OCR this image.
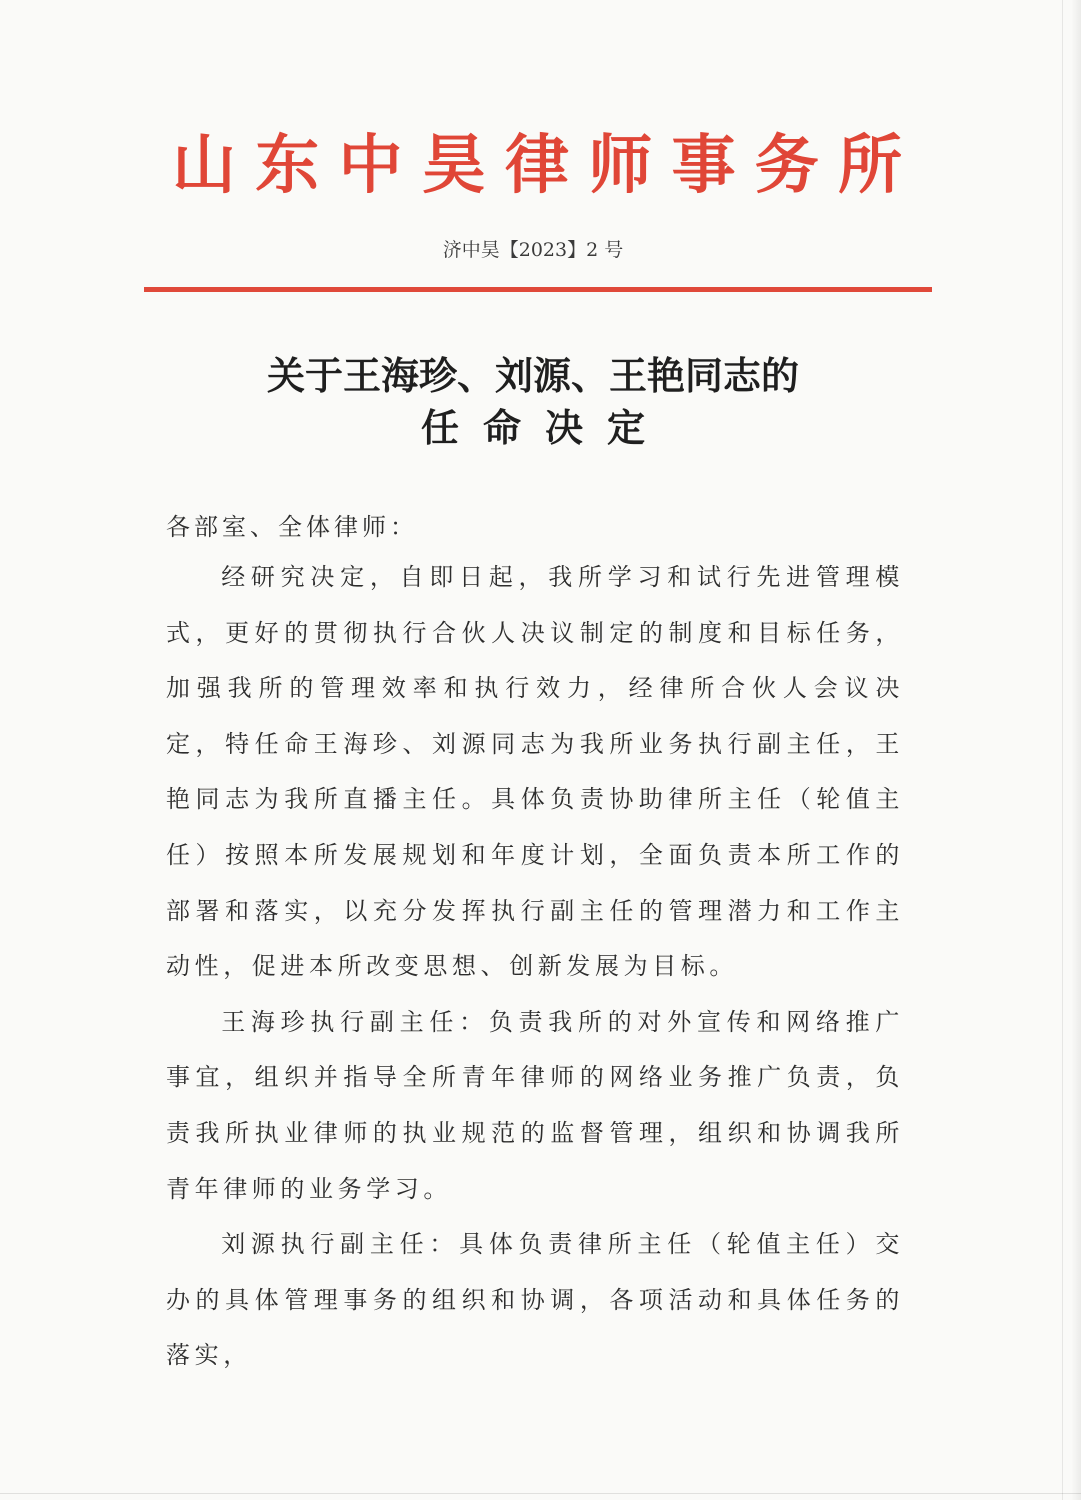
山东中昊律师事务所
济中昊【2023】2 号
关于王海珍、刘源、王艳同志的
任命决定
各部室、全体律师：

经研究决定，自即日起，我所学习和试行先进管理模式，更好的贯彻执行合伙人决议制定的制度和目标任务，加强我所的管理效率和执行效力，经律所合伙人会议决定，特任命王海珍、刘源同志为我所业务执行副主任，王艳同志为我所直播主任。具体负责协助律所主任（轮值主任）按照本所发展规划和年度计划，全面负责本所工作的部署和落实，以充分发挥执行副主任的管理潜力和工作主动性，促进本所改变思想、创新发展为目标。

王海珍执行副主任：负责我所的对外宣传和网络推广事宜，组织并指导全所青年律师的网络业务推广负责，负责我所执业律师的执业规范的监督管理，组织和协调我所青年律师的业务学习。

刘源执行副主任：具体负责律所主任（轮值主任）交办的具体管理事务的组织和协调，各项活动和具体任务的落实，
